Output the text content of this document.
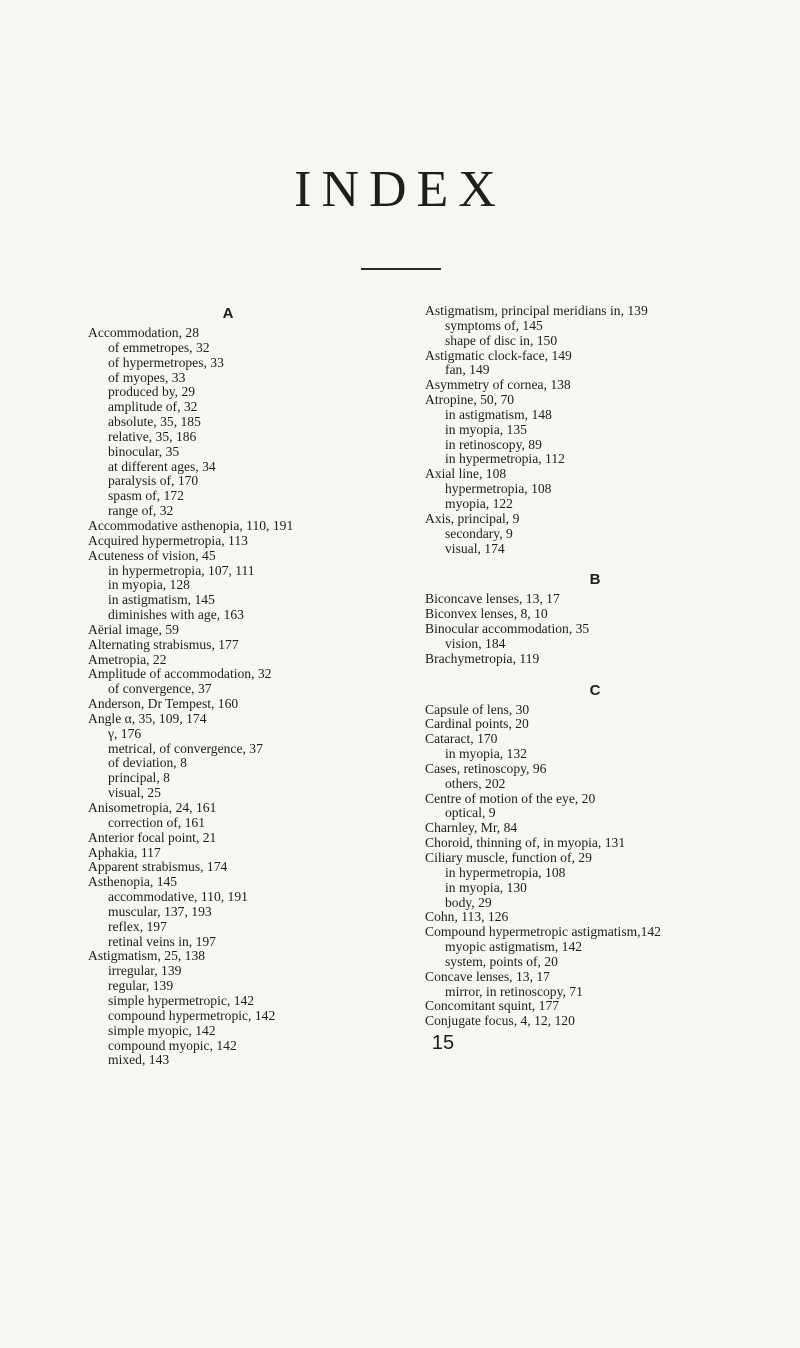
INDEX
A
Accommodation, 28
of emmetropes, 32
of hypermetropes, 33
of myopes, 33
produced by, 29
amplitude of, 32
absolute, 35, 185
relative, 35, 186
binocular, 35
at different ages, 34
paralysis of, 170
spasm of, 172
range of, 32
Accommodative asthenopia, 110, 191
Acquired hypermetropia, 113
Acuteness of vision, 45
in hypermetropia, 107, 111
in myopia, 128
in astigmatism, 145
diminishes with age, 163
Aërial image, 59
Alternating strabismus, 177
Ametropia, 22
Amplitude of accommodation, 32
of convergence, 37
Anderson, Dr Tempest, 160
Angle α, 35, 109, 174
γ, 176
metrical, of convergence, 37
of deviation, 8
principal, 8
visual, 25
Anisometropia, 24, 161
correction of, 161
Anterior focal point, 21
Aphakia, 117
Apparent strabismus, 174
Asthenopia, 145
accommodative, 110, 191
muscular, 137, 193
reflex, 197
retinal veins in, 197
Astigmatism, 25, 138
irregular, 139
regular, 139
simple hypermetropic, 142
compound hypermetropic, 142
simple myopic, 142
compound myopic, 142
mixed, 143
Astigmatism, principal meridians in, 139
symptoms of, 145
shape of disc in, 150
Astigmatic clock-face, 149
fan, 149
Asymmetry of cornea, 138
Atropine, 50, 70
in astigmatism, 148
in myopia, 135
in retinoscopy, 89
in hypermetropia, 112
Axial line, 108
hypermetropia, 108
myopia, 122
Axis, principal, 9
secondary, 9
visual, 174
B
Biconcave lenses, 13, 17
Biconvex lenses, 8, 10
Binocular accommodation, 35
vision, 184
Brachymetropia, 119
C
Capsule of lens, 30
Cardinal points, 20
Cataract, 170
in myopia, 132
Cases, retinoscopy, 96
others, 202
Centre of motion of the eye, 20
optical, 9
Charnley, Mr, 84
Choroid, thinning of, in myopia, 131
Ciliary muscle, function of, 29
in hypermetropia, 108
in myopia, 130
body, 29
Cohn, 113, 126
Compound hypermetropic astigmatism,142
myopic astigmatism, 142
system, points of, 20
Concave lenses, 13, 17
mirror, in retinoscopy, 71
Concomitant squint, 177
Conjugate focus, 4, 12, 120
15
